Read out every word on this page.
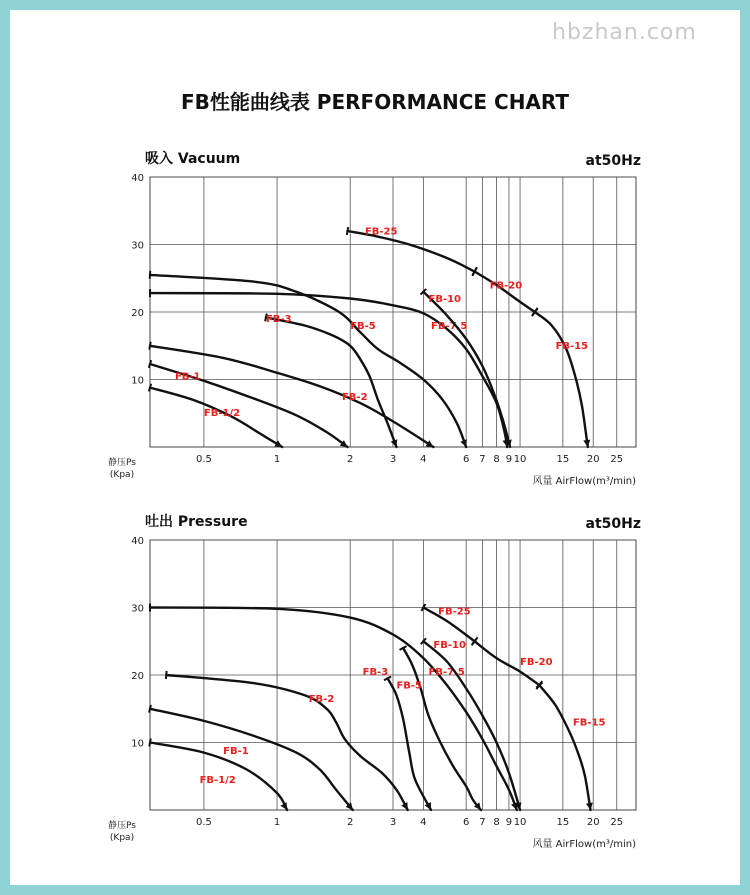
hbzhan.com
FB性能曲线表 PERFORMANCE CHART
吸入 Vacuum	at50Hz
10
20
30
40
0.5	1	2	3 4	6 7 8 9 10	15 20 25
静压Ps
(Kpa)
风量 AirFlow(m³/min)
FB-1/2
FB-1
FB-2
FB-3
FB-5	FB-7.5
FB-10
FB-15
FB-20
FB-25
吐出 Pressure	at50Hz
10
20
30
40
0.5	1	2	3 4	6 7 8 9 10	15 20 25
静压Ps
(Kpa)
风量 AirFlow(m³/min)
FB-1/2
FB-1
FB-2
FB-3
FB-5
FB-7.5
FB-10
FB-15
FB-20
FB-25
